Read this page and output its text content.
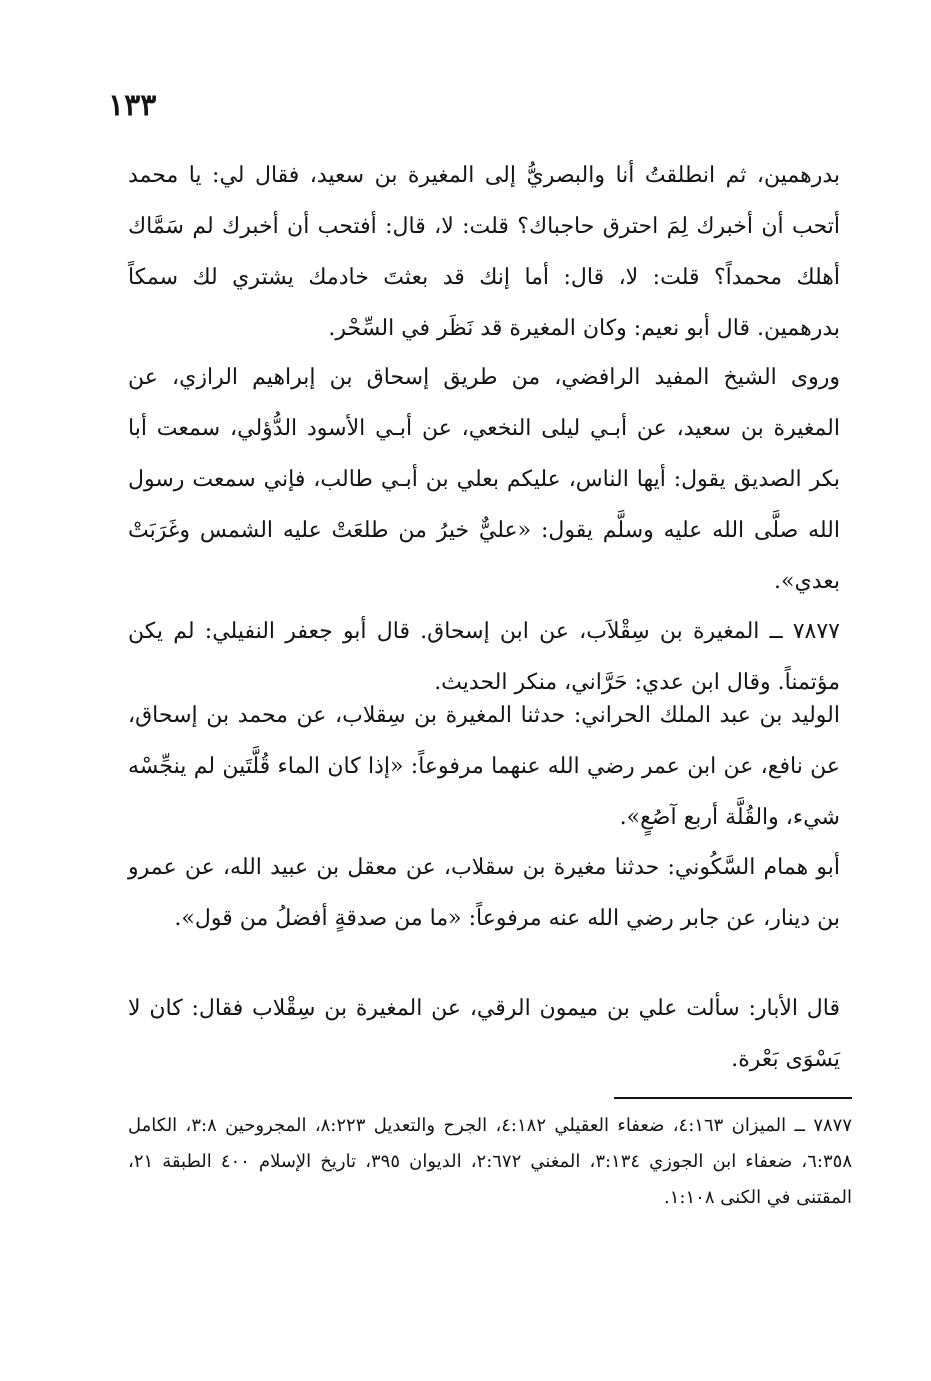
١٣٣

بدرهمين، ثم انطلقتُ أنا والبصريُّ إلى المغيرة بن سعيد، فقال لي: يا محمد أتحب أن أخبرك لِمَ احترق حاجباك؟ قلت: لا، قال: أفتحب أن أخبرك لم سَمَّاك أهلك محمداً؟ قلت: لا، قال: أما إنك قد بعثتَ خادمك يشتري لك سمكاً بدرهمين. قال أبو نعيم: وكان المغيرة قد نَظَر في السِّحْر.

وروى الشيخ المفيد الرافضي، من طريق إسحاق بن إبراهيم الرازي، عن المغيرة بن سعيد، عن أبـي ليلى النخعي، عن أبـي الأسود الدُّؤلي، سمعت أبا بكر الصديق يقول: أيها الناس، عليكم بعلي بن أبـي طالب، فإني سمعت رسول الله صلَّى الله عليه وسلَّم يقول: «عليٌّ خيرُ من طلعَتْ عليه الشمس وغَرَبَتْ بعدي».

٧٨٧٧ ــ المغيرة بن سِقْلاَب، عن ابن إسحاق. قال أبو جعفر النفيلي: لم يكن مؤتمناً. وقال ابن عدي: حَرَّاني، منكر الحديث.

الوليد بن عبد الملك الحراني: حدثنا المغيرة بن سِقلاب، عن محمد بن إسحاق، عن نافع، عن ابن عمر رضي الله عنهما مرفوعاً: «إذا كان الماء قُلَّتَين لم ينجِّسْه شيء، والقُلَّة أربع آصُعٍ».

أبو همام السَّكُوني: حدثنا مغيرة بن سقلاب، عن معقل بن عبيد الله، عن عمرو بن دينار، عن جابر رضي الله عنه مرفوعاً: «ما من صدقةٍ أفضلُ من قول».

قال الأبار: سألت علي بن ميمون الرقي، عن المغيرة بن سِقْلاب فقال: كان لا يَسْوَى بَعْرة.

٧٨٧٧ ــ الميزان ٤:١٦٣، ضعفاء العقيلي ٤:١٨٢، الجرح والتعديل ٨:٢٢٣، المجروحين ٣:٨، الكامل ٦:٣٥٨، ضعفاء ابن الجوزي ٣:١٣٤، المغني ٢:٦٧٢، الديوان ٣٩٥، تاريخ الإسلام ٤٠٠ الطبقة ٢١، المقتنى في الكنى ١:١٠٨.
